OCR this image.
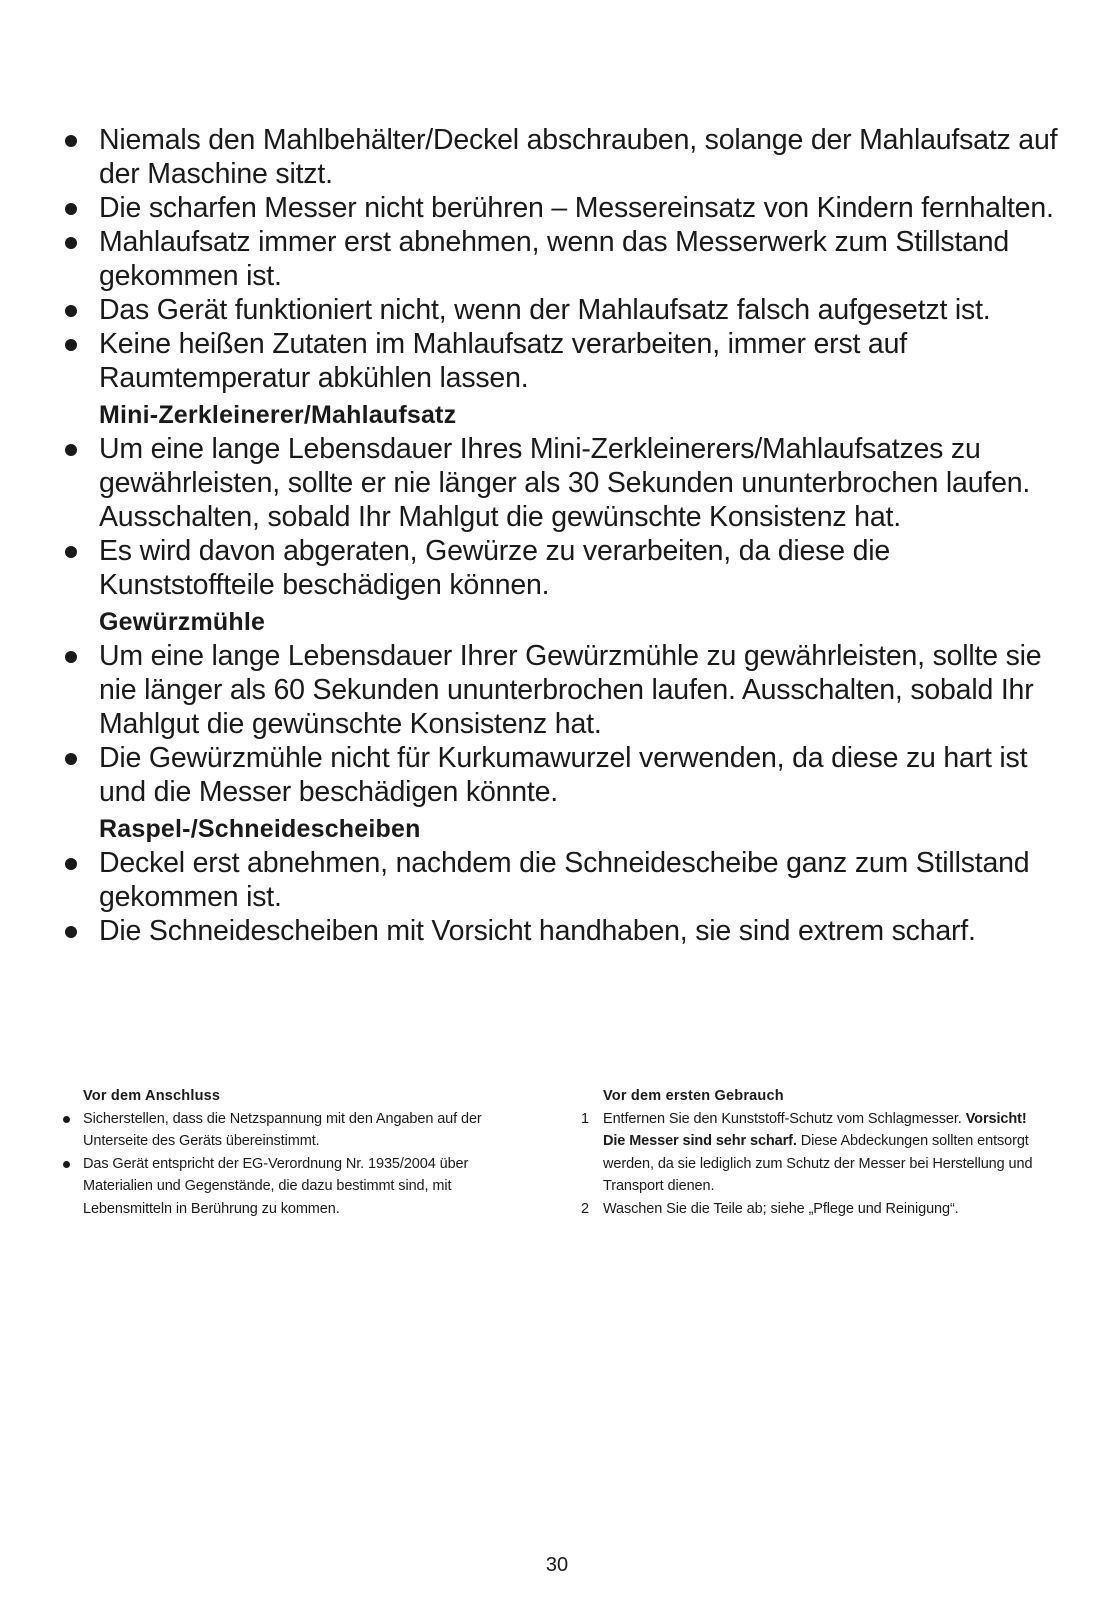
Niemals den Mahlbehälter/Deckel abschrauben, solange der Mahlaufsatz auf der Maschine sitzt.
Die scharfen Messer nicht berühren – Messereinsatz von Kindern fernhalten.
Mahlaufsatz immer erst abnehmen, wenn das Messerwerk zum Stillstand gekommen ist.
Das Gerät funktioniert nicht, wenn der Mahlaufsatz falsch aufgesetzt ist.
Keine heißen Zutaten im Mahlaufsatz verarbeiten, immer erst auf Raumtemperatur abkühlen lassen.
Mini-Zerkleinerer/Mahlaufsatz
Um eine lange Lebensdauer Ihres Mini-Zerkleinerers/Mahlaufsatzes zu gewährleisten, sollte er nie länger als 30 Sekunden ununterbrochen laufen. Ausschalten, sobald Ihr Mahlgut die gewünschte Konsistenz hat.
Es wird davon abgeraten, Gewürze zu verarbeiten, da diese die Kunststoffteile beschädigen können.
Gewürzmühle
Um eine lange Lebensdauer Ihrer Gewürzmühle zu gewährleisten, sollte sie nie länger als 60 Sekunden ununterbrochen laufen. Ausschalten, sobald Ihr Mahlgut die gewünschte Konsistenz hat.
Die Gewürzmühle nicht für Kurkumawurzel verwenden, da diese zu hart ist und die Messer beschädigen könnte.
Raspel-/Schneidescheiben
Deckel erst abnehmen, nachdem die Schneidescheibe ganz zum Stillstand gekommen ist.
Die Schneidescheiben mit Vorsicht handhaben, sie sind extrem scharf.
Vor dem Anschluss
Sicherstellen, dass die Netzspannung mit den Angaben auf der Unterseite des Geräts übereinstimmt.
Das Gerät entspricht der EG-Verordnung Nr. 1935/2004 über Materialien und Gegenstände, die dazu bestimmt sind, mit Lebensmitteln in Berührung zu kommen.
Vor dem ersten Gebrauch
1 Entfernen Sie den Kunststoff-Schutz vom Schlagmesser. Vorsicht! Die Messer sind sehr scharf. Diese Abdeckungen sollten entsorgt werden, da sie lediglich zum Schutz der Messer bei Herstellung und Transport dienen.
2 Waschen Sie die Teile ab; siehe „Pflege und Reinigung“.
30
